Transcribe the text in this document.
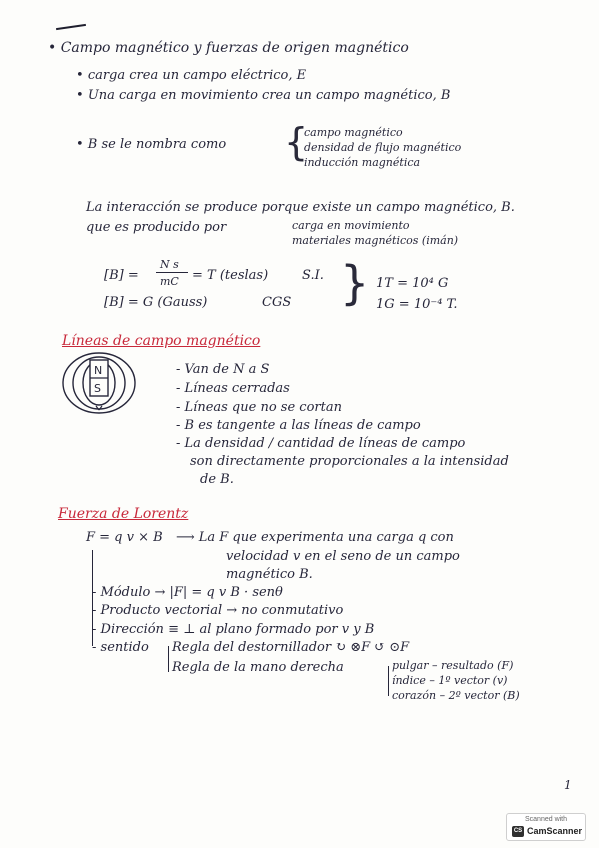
• Campo magnético y fuerzas de origen magnético
• carga crea un campo eléctrico, E
• Una carga en movimiento crea un campo magnético, B
• B se le nombra como {
campo magnético
densidad de flujo magnético
inducción magnética
La interacción se produce porque existe un campo magnético, B.
que es producido por	carga en movimiento
materiales magnéticos (imán)
[B] =
N s
mC = T (teslas)	S.I.
[B] = G (Gauss)	CGS } 1T = 10⁴ G
1G = 10⁻⁴ T.
Líneas de campo magnético
N
S
- Van de N a S
- Líneas cerradas
- Líneas que no se cortan
- B es tangente a las líneas de campo
- La densidad / cantidad de líneas de campo
son directamente proporcionales a la intensidad
de B.
Fuerza de Lorentz
F = q v × B ⟶ La F que experimenta una carga q con
velocidad v en el seno de un campo
magnético B.
- Módulo → |F| = q v B · senθ
- Producto vectorial → no conmutativo
- Dirección ≡ ⊥ al plano formado por v y B
- sentido Regla del destornillador ↻ ⊗F ↺ ⊙F
Regla de la mano derecha	pulgar – resultado (F)
índice – 1º vector (v)
corazón – 2º vector (B)
1
Scanned with
CS CamScanner
